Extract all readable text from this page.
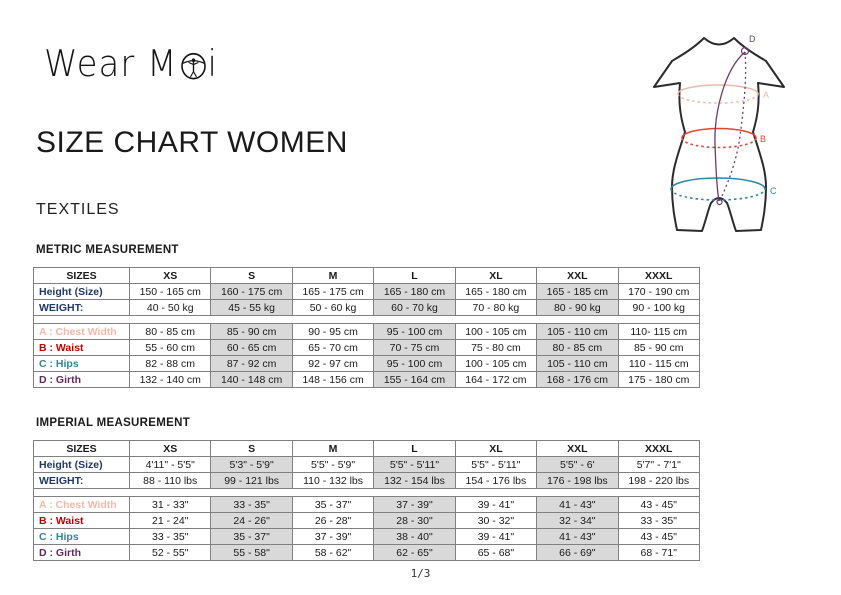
Wear M i
A
B
C
D
SIZE CHART WOMEN
TEXTILES
METRIC MEASUREMENT
SIZES	XS	S	M	L	XL	XXL	XXXL
Height (Size)	150 - 165 cm	160 - 175 cm	165 - 175 cm	165 - 180 cm	165 - 180 cm	165 - 185 cm	170 - 190 cm
WEIGHT:	40 - 50 kg	45 - 55 kg	50 - 60 kg	60 - 70 kg	70 - 80 kg	80 - 90 kg	90 - 100 kg

A : Chest Width	80 - 85 cm	85 - 90 cm	90 - 95 cm	95 - 100 cm	100 - 105 cm	105 - 110 cm	110- 115 cm
B : Waist	55 - 60 cm	60 - 65 cm	65 - 70 cm	70 - 75 cm	75 - 80 cm	80 - 85 cm	85 - 90 cm
C : Hips	82 - 88 cm	87 - 92 cm	92 - 97 cm	95 - 100 cm	100 - 105 cm	105 - 110 cm	110 - 115 cm
D : Girth	132 - 140 cm	140 - 148 cm	148 - 156 cm	155 - 164 cm	164 - 172 cm	168 - 176 cm	175 - 180 cm
IMPERIAL MEASUREMENT
SIZES	XS	S	M	L	XL	XXL	XXXL
Height (Size)	4'11" - 5'5"	5'3" - 5'9"	5'5" - 5'9"	5'5" - 5'11"	5'5" - 5'11"	5'5" - 6'	5'7" - 7'1"
WEIGHT:	88 - 110 lbs	99 - 121 lbs	110 - 132 lbs	132 - 154 lbs	154 - 176 lbs	176 - 198 lbs	198 - 220 lbs

A : Chest Width	31 - 33"	33 - 35"	35 - 37"	37 - 39"	39 - 41"	41 - 43"	43 - 45"
B : Waist	21 - 24"	24 - 26"	26 - 28"	28 - 30"	30 - 32"	32 - 34"	33 - 35"
C : Hips	33 - 35"	35 - 37"	37 - 39"	38 - 40"	39 - 41"	41 - 43"	43 - 45"
D : Girth	52 - 55"	55 - 58"	58 - 62"	62 - 65"	65 - 68"	66 - 69"	68 - 71"
1/3
